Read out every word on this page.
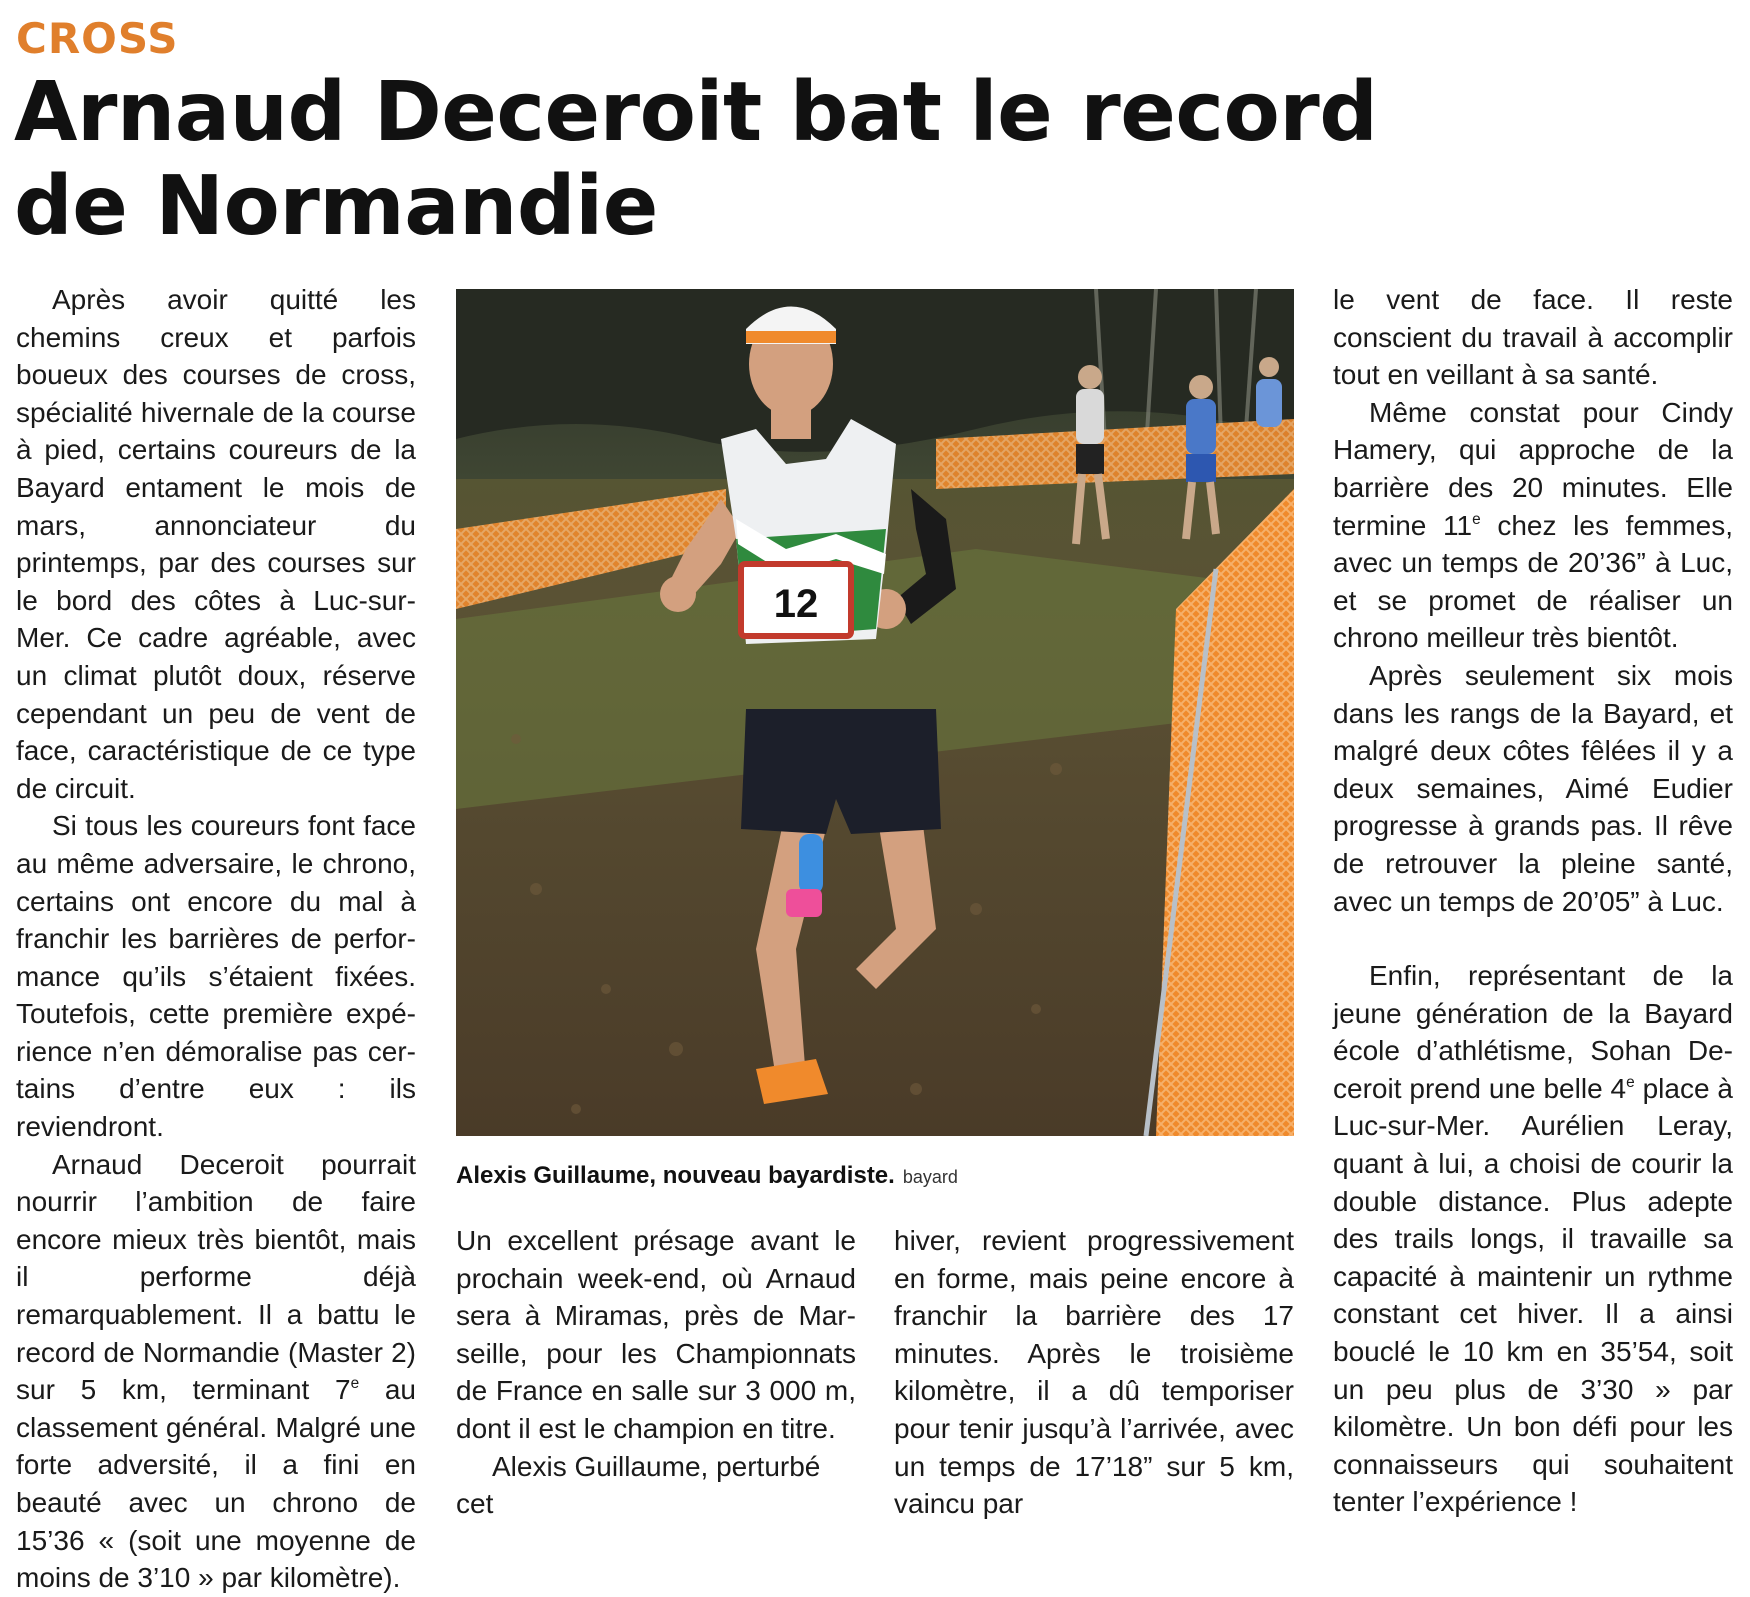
CROSS
Arnaud Deceroit bat le record de Normandie

Après avoir quitté les chemins creux et parfois boueux des courses de cross, spécialité hivernale de la course à pied, certains coureurs de la Bayard entament le mois de mars, annonciateur du printemps, par des courses sur le bord des côtes à Luc-sur-Mer. Ce cadre agréable, avec un climat plutôt doux, réserve cependant un peu de vent de face, caractéristique de ce type de circuit.

Si tous les coureurs font face au même adversaire, le chrono, certains ont encore du mal à franchir les barrières de performance qu’ils s’étaient fixées. Toutefois, cette première expérience n’en démoralise pas certains d’entre eux : ils reviendront.

Arnaud Deceroit pourrait nourrir l’ambition de faire encore mieux très bientôt, mais il performe déjà remarquablement. Il a battu le record de Normandie (Master 2) sur 5 km, terminant 7e au classement général. Malgré une forte adversité, il a fini en beauté avec un chrono de 15’36 « (soit une moyenne de moins de 3’10 » par kilomètre).

12
Alexis Guillaume, nouveau bayardiste. bayard

Un excellent présage avant le prochain week-end, où Arnaud sera à Miramas, près de Marseille, pour les Championnats de France en salle sur 3 000 m, dont il est le champion en titre.

Alexis Guillaume, perturbé cet

hiver, revient progressivement en forme, mais peine encore à franchir la barrière des 17 minutes. Après le troisième kilomètre, il a dû temporiser pour tenir jusqu’à l’arrivée, avec un temps de 17’18” sur 5 km, vaincu par

le vent de face. Il reste conscient du travail à accomplir tout en veillant à sa santé.

Même constat pour Cindy Hamery, qui approche de la barrière des 20 minutes. Elle termine 11e chez les femmes, avec un temps de 20’36” à Luc, et se promet de réaliser un chrono meilleur très bientôt.

Après seulement six mois dans les rangs de la Bayard, et malgré deux côtes fêlées il y a deux semaines, Aimé Eudier progresse à grands pas. Il rêve de retrouver la pleine santé, avec un temps de 20’05” à Luc.

Enfin, représentant de la jeune génération de la Bayard école d’athlétisme, Sohan Deceroit prend une belle 4e place à Luc-sur-Mer. Aurélien Leray, quant à lui, a choisi de courir la double distance. Plus adepte des trails longs, il travaille sa capacité à maintenir un rythme constant cet hiver. Il a ainsi bouclé le 10 km en 35’54, soit un peu plus de 3’30 » par kilomètre. Un bon défi pour les connaisseurs qui souhaitent tenter l’expérience !
